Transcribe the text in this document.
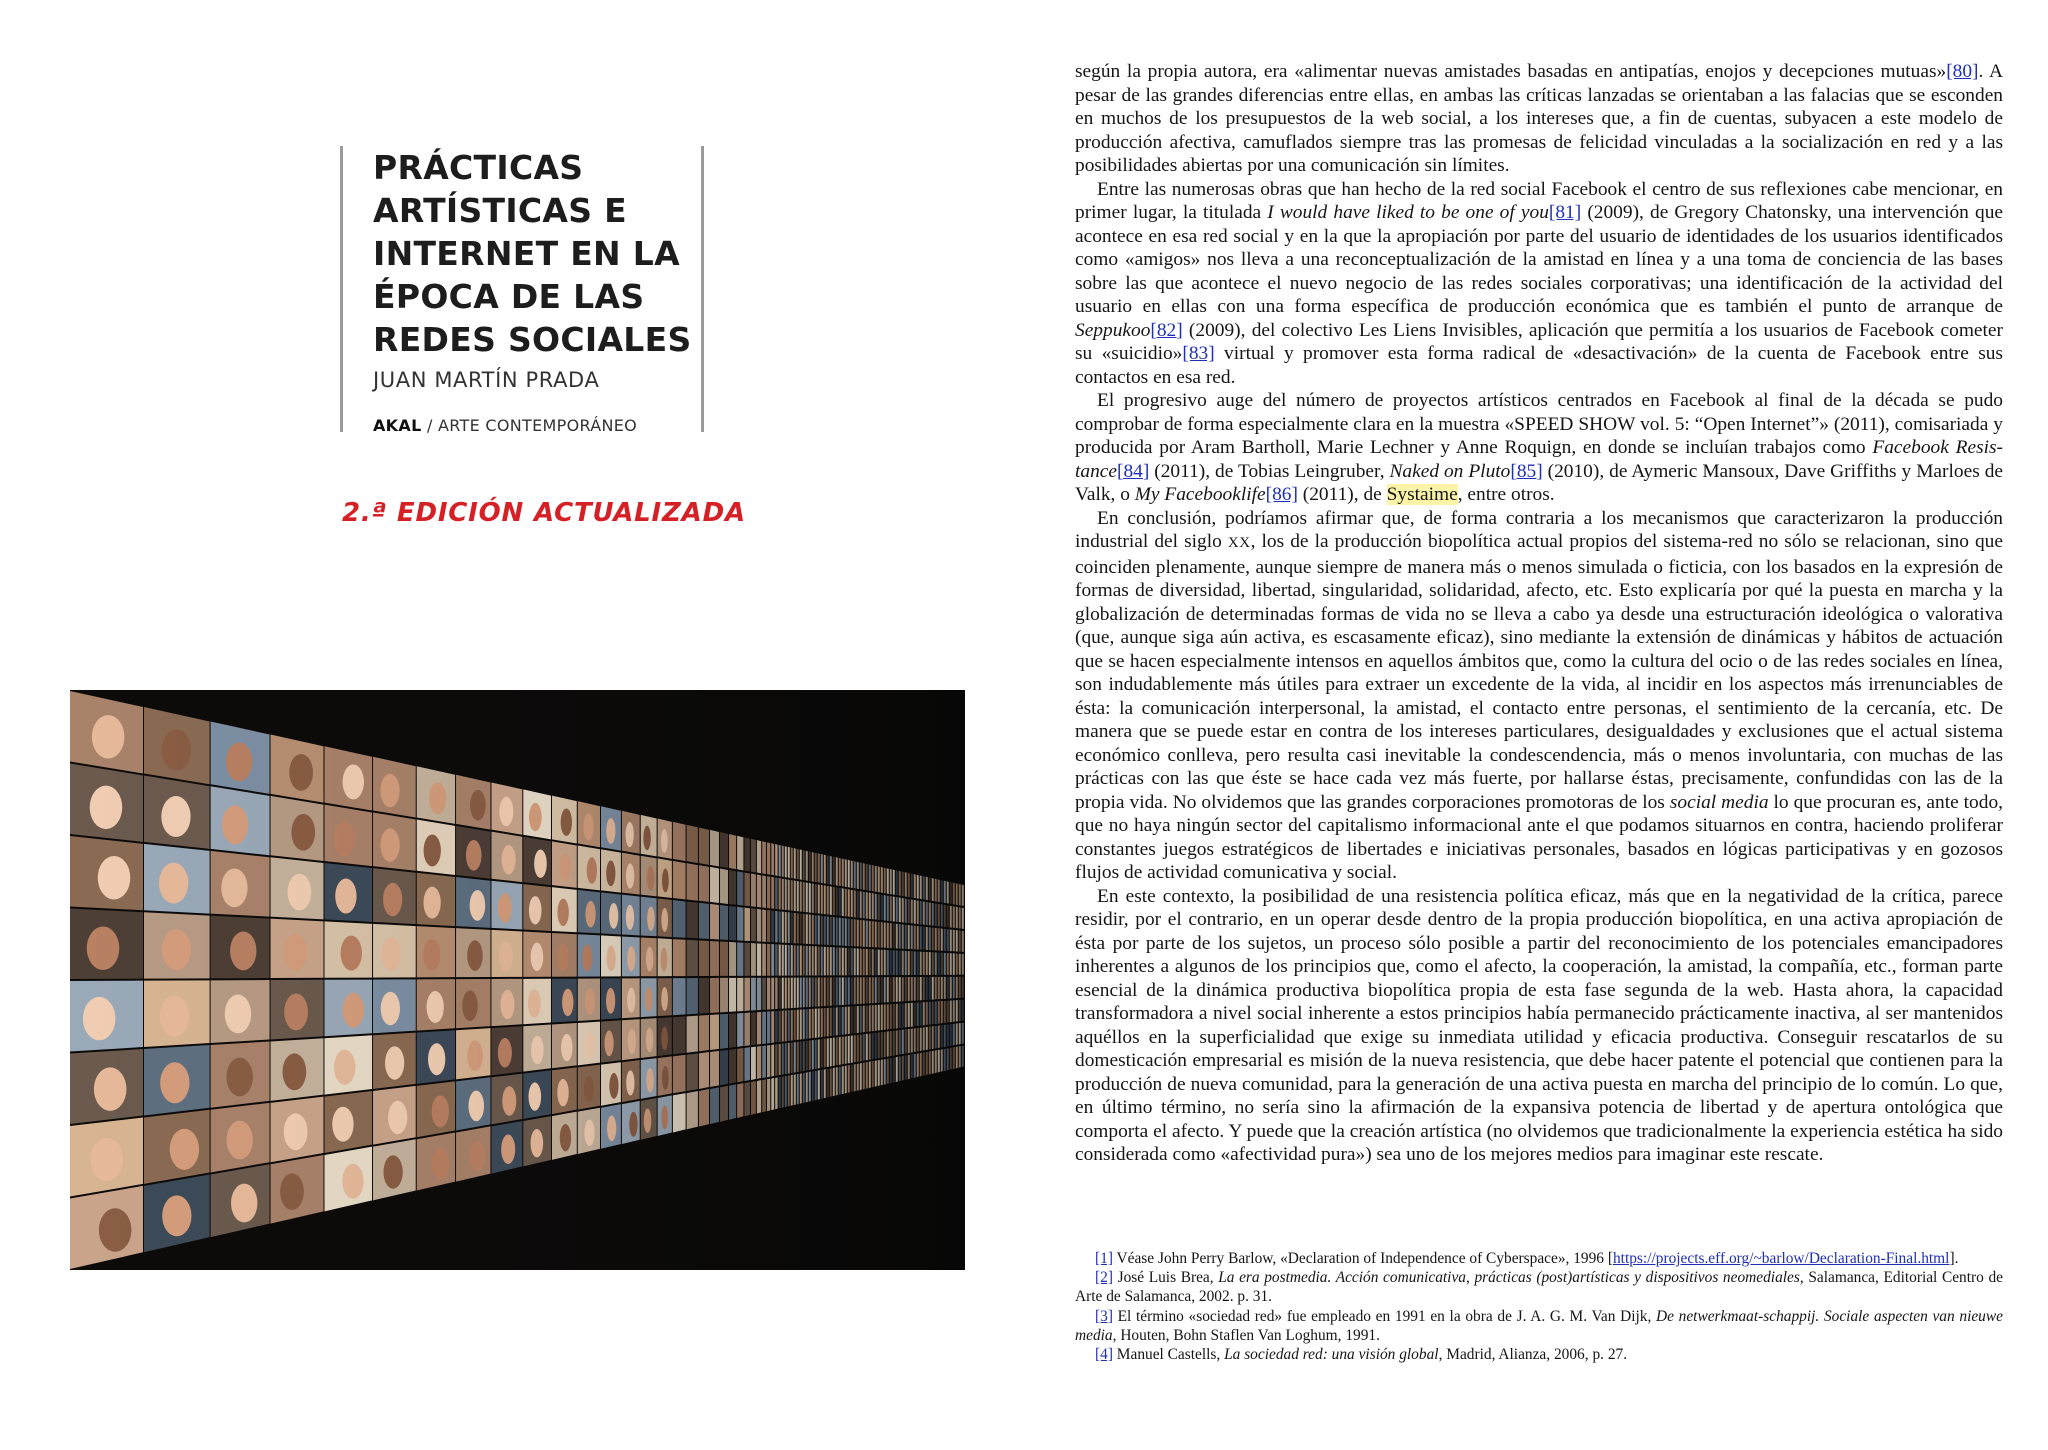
PRÁCTICAS
ARTÍSTICAS E
INTERNET EN LA
ÉPOCA DE LAS
REDES SOCIALES
JUAN MARTÍN PRADA
AKAL / ARTE CONTEMPORÁNEO
2.ª EDICIÓN ACTUALIZADA

según la propia autora, era «alimentar nuevas amistades basadas en antipatías, enojos y decepciones mutuas»[80]. A pesar de las grandes diferencias entre ellas, en ambas las críticas lanzadas se orientaban a las falacias que se esconden en muchos de los presupuestos de la web social, a los intereses que, a fin de cuentas, subyacen a este modelo de producción afectiva, camuflados siempre tras las promesas de felicidad vinculadas a la socialización en red y a las posibilidades abiertas por una comunicación sin límites.

Entre las numerosas obras que han hecho de la red social Facebook el centro de sus reflexiones cabe mencionar, en primer lugar, la titulada I would have liked to be one of you[81] (2009), de Gregory Chatonsky, una intervención que acontece en esa red social y en la que la apropiación por parte del usuario de identidades de los usuarios identificados como «amigos» nos lleva a una reconceptualización de la amistad en línea y a una toma de conciencia de las bases sobre las que acontece el nuevo negocio de las redes sociales corporativas; una identificación de la actividad del usuario en ellas con una forma específica de producción económica que es también el punto de arranque de Seppukoo[82] (2009), del colectivo Les Liens Invisibles, aplicación que permitía a los usuarios de Facebook cometer su «suicidio»[83] virtual y promover esta forma radical de «desactivación» de la cuenta de Facebook entre sus contactos en esa red.

El progresivo auge del número de proyectos artísticos centrados en Facebook al final de la década se pudo comprobar de forma especialmente clara en la muestra «SPEED SHOW vol. 5: “Open Internet”» (2011), comisariada y producida por Aram Bartholl, Marie Lechner y Anne Roquign, en donde se incluían trabajos como Facebook Resis-tance[84] (2011), de Tobias Leingruber, Naked on Pluto[85] (2010), de Aymeric Mansoux, Dave Griffiths y Marloes de Valk, o My Facebooklife[86] (2011), de Systaime, entre otros.

En conclusión, podríamos afirmar que, de forma contraria a los mecanismos que caracterizaron la producción industrial del siglo XX, los de la producción biopolítica actual propios del sistema-red no sólo se relacionan, sino que coinciden plenamente, aunque siempre de manera más o menos simulada o ficticia, con los basados en la expresión de formas de diversidad, libertad, singularidad, solidaridad, afecto, etc. Esto explicaría por qué la puesta en marcha y la globalización de determinadas formas de vida no se lleva a cabo ya desde una estructuración ideológica o valorativa (que, aunque siga aún activa, es escasamente eficaz), sino mediante la extensión de dinámicas y hábitos de actuación que se hacen especialmente intensos en aquellos ámbitos que, como la cultura del ocio o de las redes sociales en línea, son indudablemente más útiles para extraer un excedente de la vida, al incidir en los aspectos más irrenunciables de ésta: la comunicación interpersonal, la amistad, el contacto entre personas, el sentimiento de la cercanía, etc. De manera que se puede estar en contra de los intereses particulares, desigualdades y exclusiones que el actual sistema económico conlleva, pero resulta casi inevitable la condescendencia, más o menos involuntaria, con muchas de las prácticas con las que éste se hace cada vez más fuerte, por hallarse éstas, precisamente, confundidas con las de la propia vida. No olvidemos que las grandes corporaciones promotoras de los social media lo que procuran es, ante todo, que no haya ningún sector del capitalismo informacional ante el que podamos situarnos en contra, haciendo proliferar constantes juegos estratégicos de libertades e iniciativas personales, basados en lógicas participativas y en gozosos flujos de actividad comunicativa y social.

En este contexto, la posibilidad de una resistencia política eficaz, más que en la negatividad de la crítica, parece residir, por el contrario, en un operar desde dentro de la propia producción biopolítica, en una activa apropiación de ésta por parte de los sujetos, un proceso sólo posible a partir del reconocimiento de los potenciales emancipadores inherentes a algunos de los principios que, como el afecto, la cooperación, la amistad, la compañía, etc., forman parte esencial de la dinámica productiva biopolítica propia de esta fase segunda de la web. Hasta ahora, la capacidad transformadora a nivel social inherente a estos principios había permanecido prácticamente inactiva, al ser mantenidos aquéllos en la superficialidad que exige su inmediata utilidad y eficacia productiva. Conseguir rescatarlos de su domesticación empresarial es misión de la nueva resistencia, que debe hacer patente el potencial que contienen para la producción de nueva comunidad, para la generación de una activa puesta en marcha del principio de lo común. Lo que, en último término, no sería sino la afirmación de la expansiva potencia de libertad y de apertura ontológica que comporta el afecto. Y puede que la creación artística (no olvidemos que tradicionalmente la experiencia estética ha sido considerada como «afectividad pura») sea uno de los mejores medios para imaginar este rescate.

[1] Véase John Perry Barlow, «Declaration of Independence of Cyberspace», 1996 [https://projects.eff.org/~barlow/Declaration-Final.html].

[2] José Luis Brea, La era postmedia. Acción comunicativa, prácticas (post)artísticas y dispositivos neomediales, Salamanca, Editorial Centro de Arte de Salamanca, 2002. p. 31.

[3] El término «sociedad red» fue empleado en 1991 en la obra de J. A. G. M. Van Dijk, De netwerkmaat-schappij. Sociale aspecten van nieuwe media, Houten, Bohn Staflen Van Loghum, 1991.

[4] Manuel Castells, La sociedad red: una visión global, Madrid, Alianza, 2006, p. 27.
